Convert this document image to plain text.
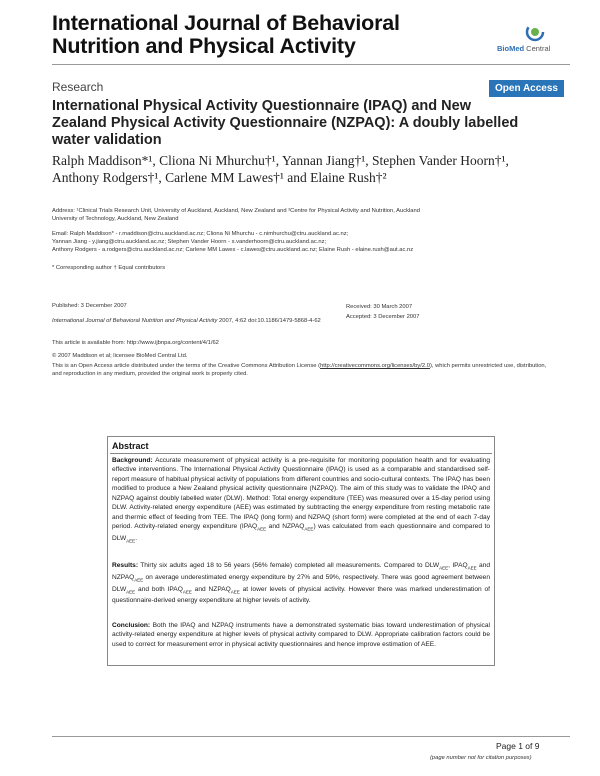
International Journal of Behavioral Nutrition and Physical Activity	BioMed Central
Research	Open Access
International Physical Activity Questionnaire (IPAQ) and New Zealand Physical Activity Questionnaire (NZPAQ): A doubly labelled water validation
Ralph Maddison*¹, Cliona Ni Mhurchu†¹, Yannan Jiang†¹, Stephen Vander Hoorn†¹, Anthony Rodgers†¹, Carlene MM Lawes†¹ and Elaine Rush†²
Address: ¹Clinical Trials Research Unit, University of Auckland, Auckland, New Zealand and ²Centre for Physical Activity and Nutrition, Auckland
University of Technology, Auckland, New Zealand
Email: Ralph Maddison* - r.maddison@ctru.auckland.ac.nz; Cliona Ni Mhurchu - c.nimhurchu@ctru.auckland.ac.nz;
Yannan Jiang - y.jiang@ctru.auckland.ac.nz; Stephen Vander Hoorn - s.vanderhoorn@ctru.auckland.ac.nz;
Anthony Rodgers - a.rodgers@ctru.auckland.ac.nz; Carlene MM Lawes - c.lawes@ctru.auckland.ac.nz; Elaine Rush - elaine.rush@aut.ac.nz
* Corresponding author † Equal contributors
Published: 3 December 2007	Received: 30 March 2007
Accepted: 3 December 2007
International Journal of Behavioral Nutrition and Physical Activity 2007, 4:62 doi:10.1186/1479-5868-4-62
This article is available from: http://www.ijbnpa.org/content/4/1/62
© 2007 Maddison et al; licensee BioMed Central Ltd.
This is an Open Access article distributed under the terms of the Creative Commons Attribution License (http://creativecommons.org/licenses/by/2.0), which permits unrestricted use, distribution, and reproduction in any medium, provided the original work is properly cited.
Abstract
Background: Accurate measurement of physical activity is a pre-requisite for monitoring population health and for evaluating effective interventions. The International Physical Activity Questionnaire (IPAQ) is used as a comparable and standardised self-report measure of habitual physical activity of populations from different countries and socio-cultural contexts. The IPAQ has been modified to produce a New Zealand physical activity questionnaire (NZPAQ). The aim of this study was to validate the IPAQ and NZPAQ against doubly labelled water (DLW). Method: Total energy expenditure (TEE) was measured over a 15-day period using DLW. Activity-related energy expenditure (AEE) was estimated by subtracting the energy expenditure from resting metabolic rate and thermic effect of feeding from TEE. The IPAQ (long form) and NZPAQ (short form) were completed at the end of each 7-day period. Activity-related energy expenditure ($IPAQ_{AEE}$ and $NZPAQ_{AEE}$) was calculated from each questionnaire and compared to $DLW_{AEE}$.
Results: Thirty six adults aged 18 to 56 years (56% female) completed all measurements. Compared to $DLW_{AEE}$, $IPAQ_{AEE}$ and $NZPAQ_{AEE}$ on average underestimated energy expenditure by 27% and 59%, respectively. There was good agreement between $DLW_{AEE}$ and both $IPAQ_{AEE}$ and $NZPAQ_{AEE}$ at lower levels of physical activity. However there was marked underestimation of questionnaire-derived energy expenditure at higher levels of activity.
Conclusion: Both the IPAQ and NZPAQ instruments have a demonstrated systematic bias toward underestimation of physical activity-related energy expenditure at higher levels of physical activity compared to DLW. Appropriate calibration factors could be used to correct for measurement error in physical activity questionnaires and hence improve estimation of AEE.
Page 1 of 9
(page number not for citation purposes)
